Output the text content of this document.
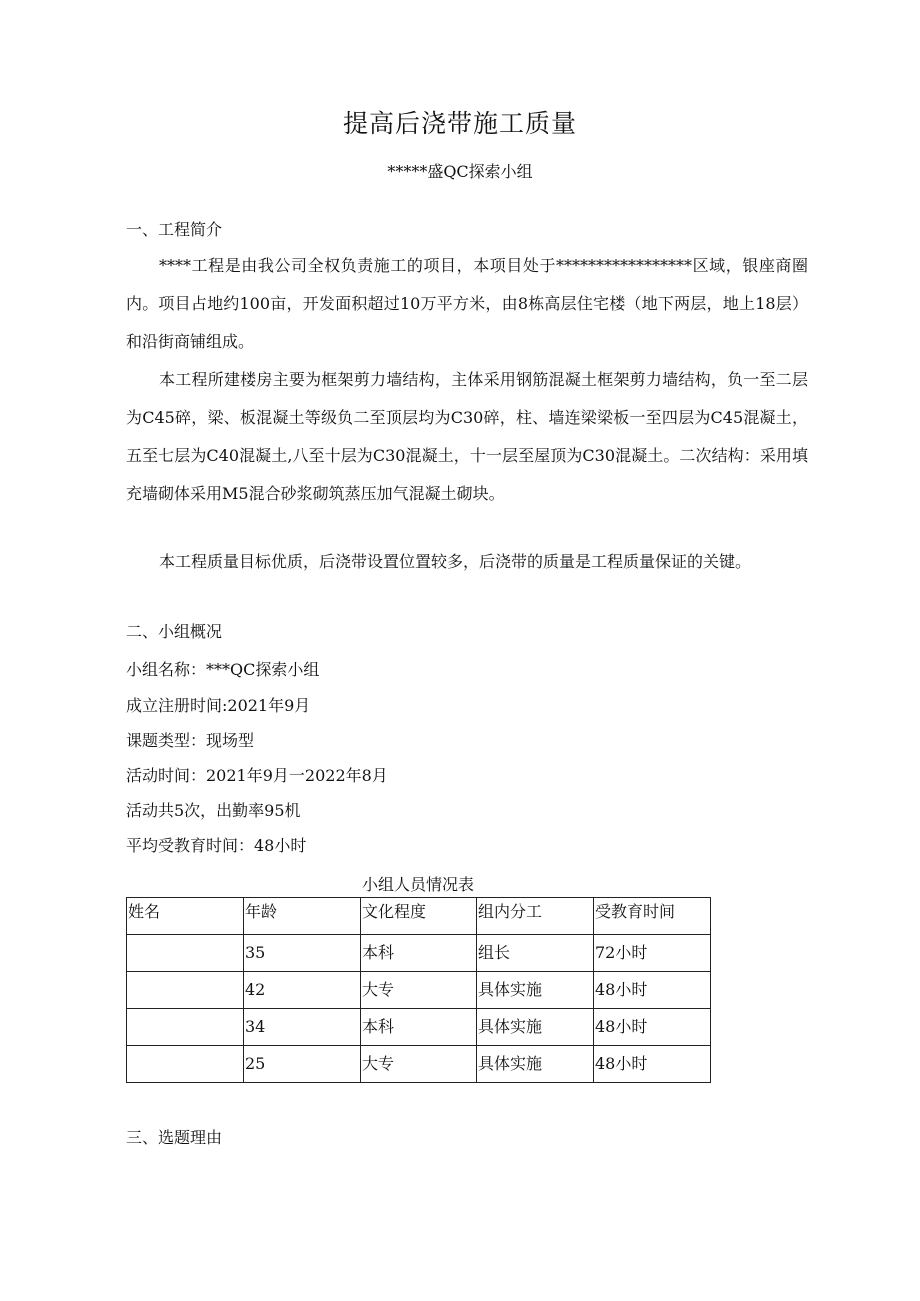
提高后浇带施工质量
*****盛QC探索小组
一、工程简介
****工程是由我公司全权负责施工的项目，本项目处于*****************区域，银座商圈内。项目占地约100亩，开发面积超过10万平方米，由8栋高层住宅楼（地下两层，地上18层）和沿街商铺组成。
本工程所建楼房主要为框架剪力墙结构，主体采用钢筋混凝土框架剪力墙结构，负一至二层为C45碎，梁、板混凝土等级负二至顶层均为C30碎，柱、墙连梁梁板一至四层为C45混凝土，五至七层为C40混凝土,八至十层为C30混凝土，十一层至屋顶为C30混凝土。二次结构：采用填充墙砌体采用M5混合砂浆砌筑蒸压加气混凝土砌块。
本工程质量目标优质，后浇带设置位置较多，后浇带的质量是工程质量保证的关键。
二、小组概况
小组名称：***QC探索小组
成立注册时间:2021年9月
课题类型：现场型
活动时间：2021年9月一2022年8月
活动共5次，出勤率95机
平均受教育时间：48小时
小组人员情况表
姓名	年龄	文化程度	组内分工	受教育时间
	35	本科	组长	72小时
	42	大专	具体实施	48小时
	34	本科	具体实施	48小时
	25	大专	具体实施	48小时
三、选题理由
